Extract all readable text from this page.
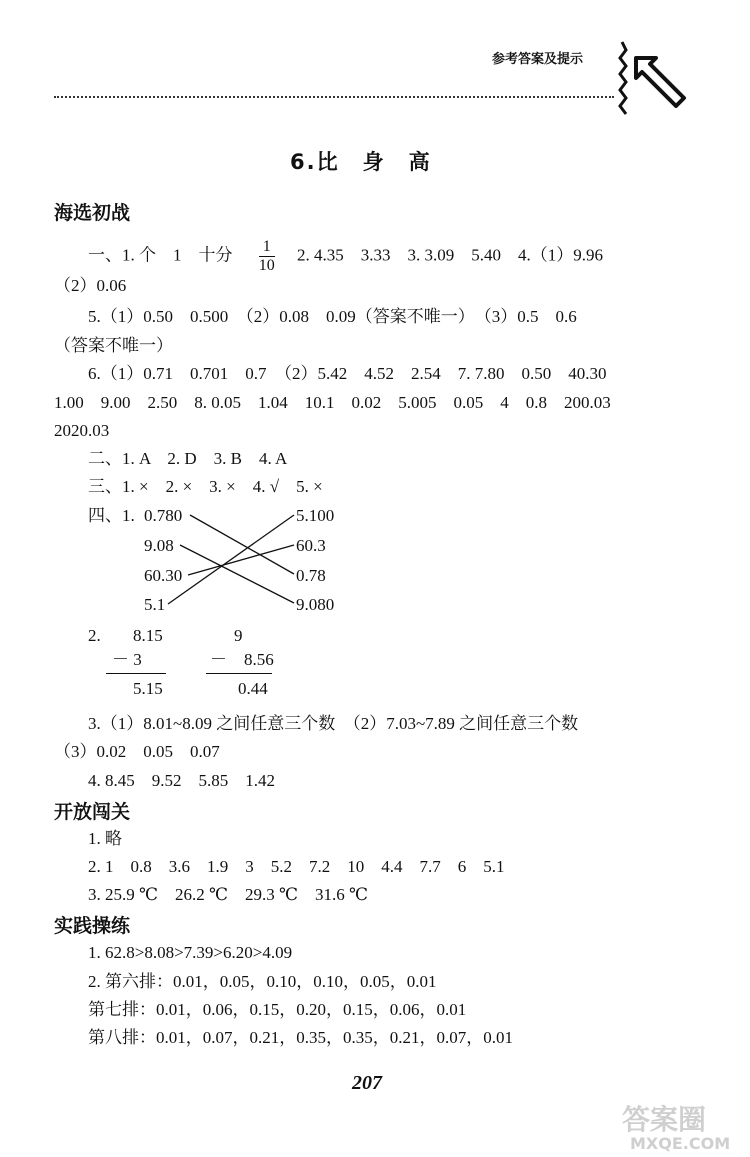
参考答案及提示
6.比　身　高
海选初战
一、1. 个　1　十分 $\frac{1}{10} 2$. 4.35　3.33　3. 3.09　5.40　4.（1）9.96
（2）0.06
5.（1）0.50　0.500　（2）0.08　0.09（答案不唯一）　（3）0.5　0.6
（答案不唯一）
6.（1）0.71　0.701　0.7　（2）5.42　4.52　2.54　7. 7.80　0.50　40.30
1.00　9.00　2.50　8. 0.05　1.04　10.1　0.02　5.005　0.05　4　0.8　200.03
2020.03
二、1. A　2. D　3. B　4. A
三、1. ×　2. ×　3. ×　4. √　5. ×
四、1. 0.780
9.08
60.30
5.1
5.100
60.3
0.78
9.080
2. 8.15
－ 3
5.15
9
－　8.56
0.44
3.（1）8.01~8.09 之间任意三个数　（2）7.03~7.89 之间任意三个数
（3）0.02　0.05　0.07
4. 8.45　9.52　5.85　1.42
开放闯关
1. 略
2. 1　0.8　3.6　1.9　3　5.2　7.2　10　4.4　7.7　6　5.1
3. 25.9 ℃　26.2 ℃　29.3 ℃　31.6 ℃
实践操练
1. 62.8>8.08>7.39>6.20>4.09
2. 第六排：0.01，0.05，0.10，0.10，0.05，0.01
第七排：0.01，0.06，0.15，0.20，0.15，0.06，0.01
第八排：0.01，0.07，0.21，0.35，0.35，0.21，0.07，0.01
207
答案圈
MXQE.COM
